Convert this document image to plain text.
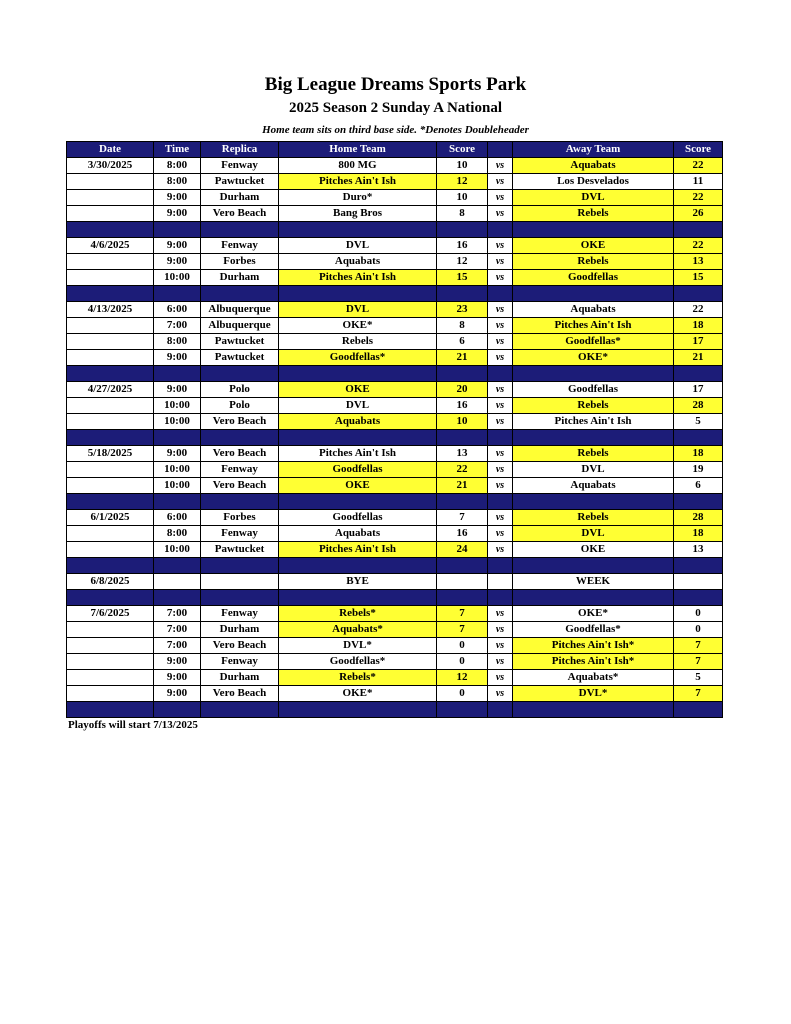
Big League Dreams Sports Park
2025 Season 2 Sunday A National
Home team sits on third base side. *Denotes Doubleheader
Date	Time	Replica	Home Team	Score		Away Team	Score
3/30/2025	8:00	Fenway	800 MG	10	vs	Aquabats	22
	8:00	Pawtucket	Pitches Ain't Ish	12	vs	Los Desvelados	11
	9:00	Durham	Duro*	10	vs	DVL	22
	9:00	Vero Beach	Bang Bros	8	vs	Rebels	26

4/6/2025	9:00	Fenway	DVL	16	vs	OKE	22
	9:00	Forbes	Aquabats	12	vs	Rebels	13
	10:00	Durham	Pitches Ain't Ish	15	vs	Goodfellas	15

4/13/2025	6:00	Albuquerque	DVL	23	vs	Aquabats	22
	7:00	Albuquerque	OKE*	8	vs	Pitches Ain't Ish	18
	8:00	Pawtucket	Rebels	6	vs	Goodfellas*	17
	9:00	Pawtucket	Goodfellas*	21	vs	OKE*	21

4/27/2025	9:00	Polo	OKE	20	vs	Goodfellas	17
	10:00	Polo	DVL	16	vs	Rebels	28
	10:00	Vero Beach	Aquabats	10	vs	Pitches Ain't Ish	5

5/18/2025	9:00	Vero Beach	Pitches Ain't Ish	13	vs	Rebels	18
	10:00	Fenway	Goodfellas	22	vs	DVL	19
	10:00	Vero Beach	OKE	21	vs	Aquabats	6

6/1/2025	6:00	Forbes	Goodfellas	7	vs	Rebels	28
	8:00	Fenway	Aquabats	16	vs	DVL	18
	10:00	Pawtucket	Pitches Ain't Ish	24	vs	OKE	13

6/8/2025			BYE			WEEK	

7/6/2025	7:00	Fenway	Rebels*	7	vs	OKE*	0
	7:00	Durham	Aquabats*	7	vs	Goodfellas*	0
	7:00	Vero Beach	DVL*	0	vs	Pitches Ain't Ish*	7
	9:00	Fenway	Goodfellas*	0	vs	Pitches Ain't Ish*	7
	9:00	Durham	Rebels*	12	vs	Aquabats*	5
	9:00	Vero Beach	OKE*	0	vs	DVL*	7

Playoffs will start 7/13/2025
